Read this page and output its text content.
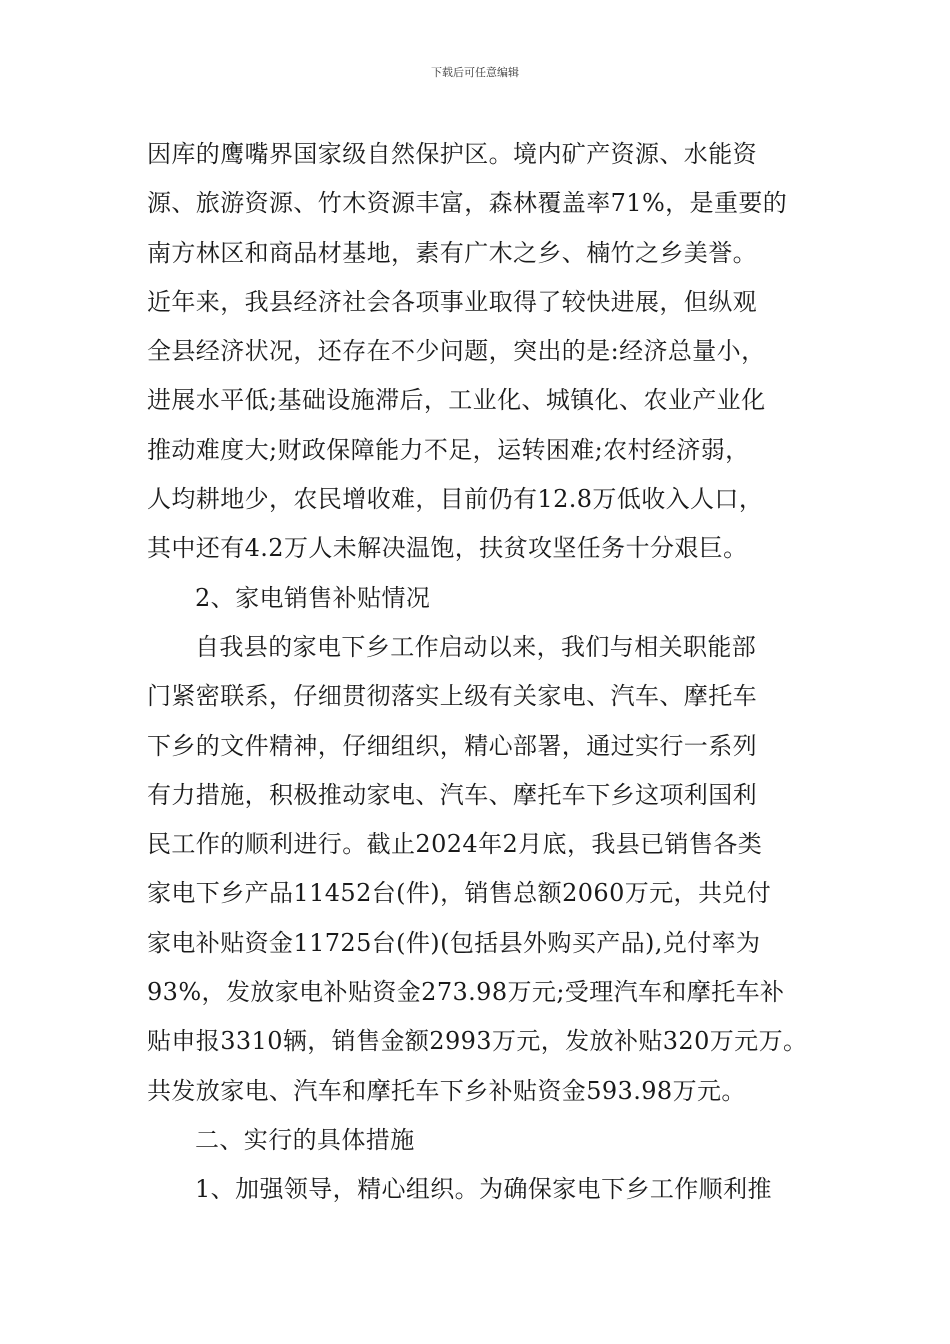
下载后可任意编辑
因库的鹰嘴界国家级自然保护区。境内矿产资源、水能资
源、旅游资源、竹木资源丰富，森林覆盖率71%，是重要的
南方林区和商品材基地，素有广木之乡、楠竹之乡美誉。
近年来，我县经济社会各项事业取得了较快进展，但纵观
全县经济状况，还存在不少问题，突出的是:经济总量小，
进展水平低;基础设施滞后，工业化、城镇化、农业产业化
推动难度大;财政保障能力不足，运转困难;农村经济弱，
人均耕地少，农民增收难，目前仍有12.8万低收入人口，
其中还有4.2万人未解决温饱，扶贫攻坚任务十分艰巨。
2、家电销售补贴情况
自我县的家电下乡工作启动以来，我们与相关职能部
门紧密联系，仔细贯彻落实上级有关家电、汽车、摩托车
下乡的文件精神，仔细组织，精心部署，通过实行一系列
有力措施，积极推动家电、汽车、摩托车下乡这项利国利
民工作的顺利进行。截止2024年2月底，我县已销售各类
家电下乡产品11452台(件)，销售总额2060万元，共兑付
家电补贴资金11725台(件)(包括县外购买产品),兑付率为
93%，发放家电补贴资金273.98万元;受理汽车和摩托车补
贴申报3310辆，销售金额2993万元，发放补贴320万元万。
共发放家电、汽车和摩托车下乡补贴资金593.98万元。
二、实行的具体措施
1、加强领导，精心组织。为确保家电下乡工作顺利推
